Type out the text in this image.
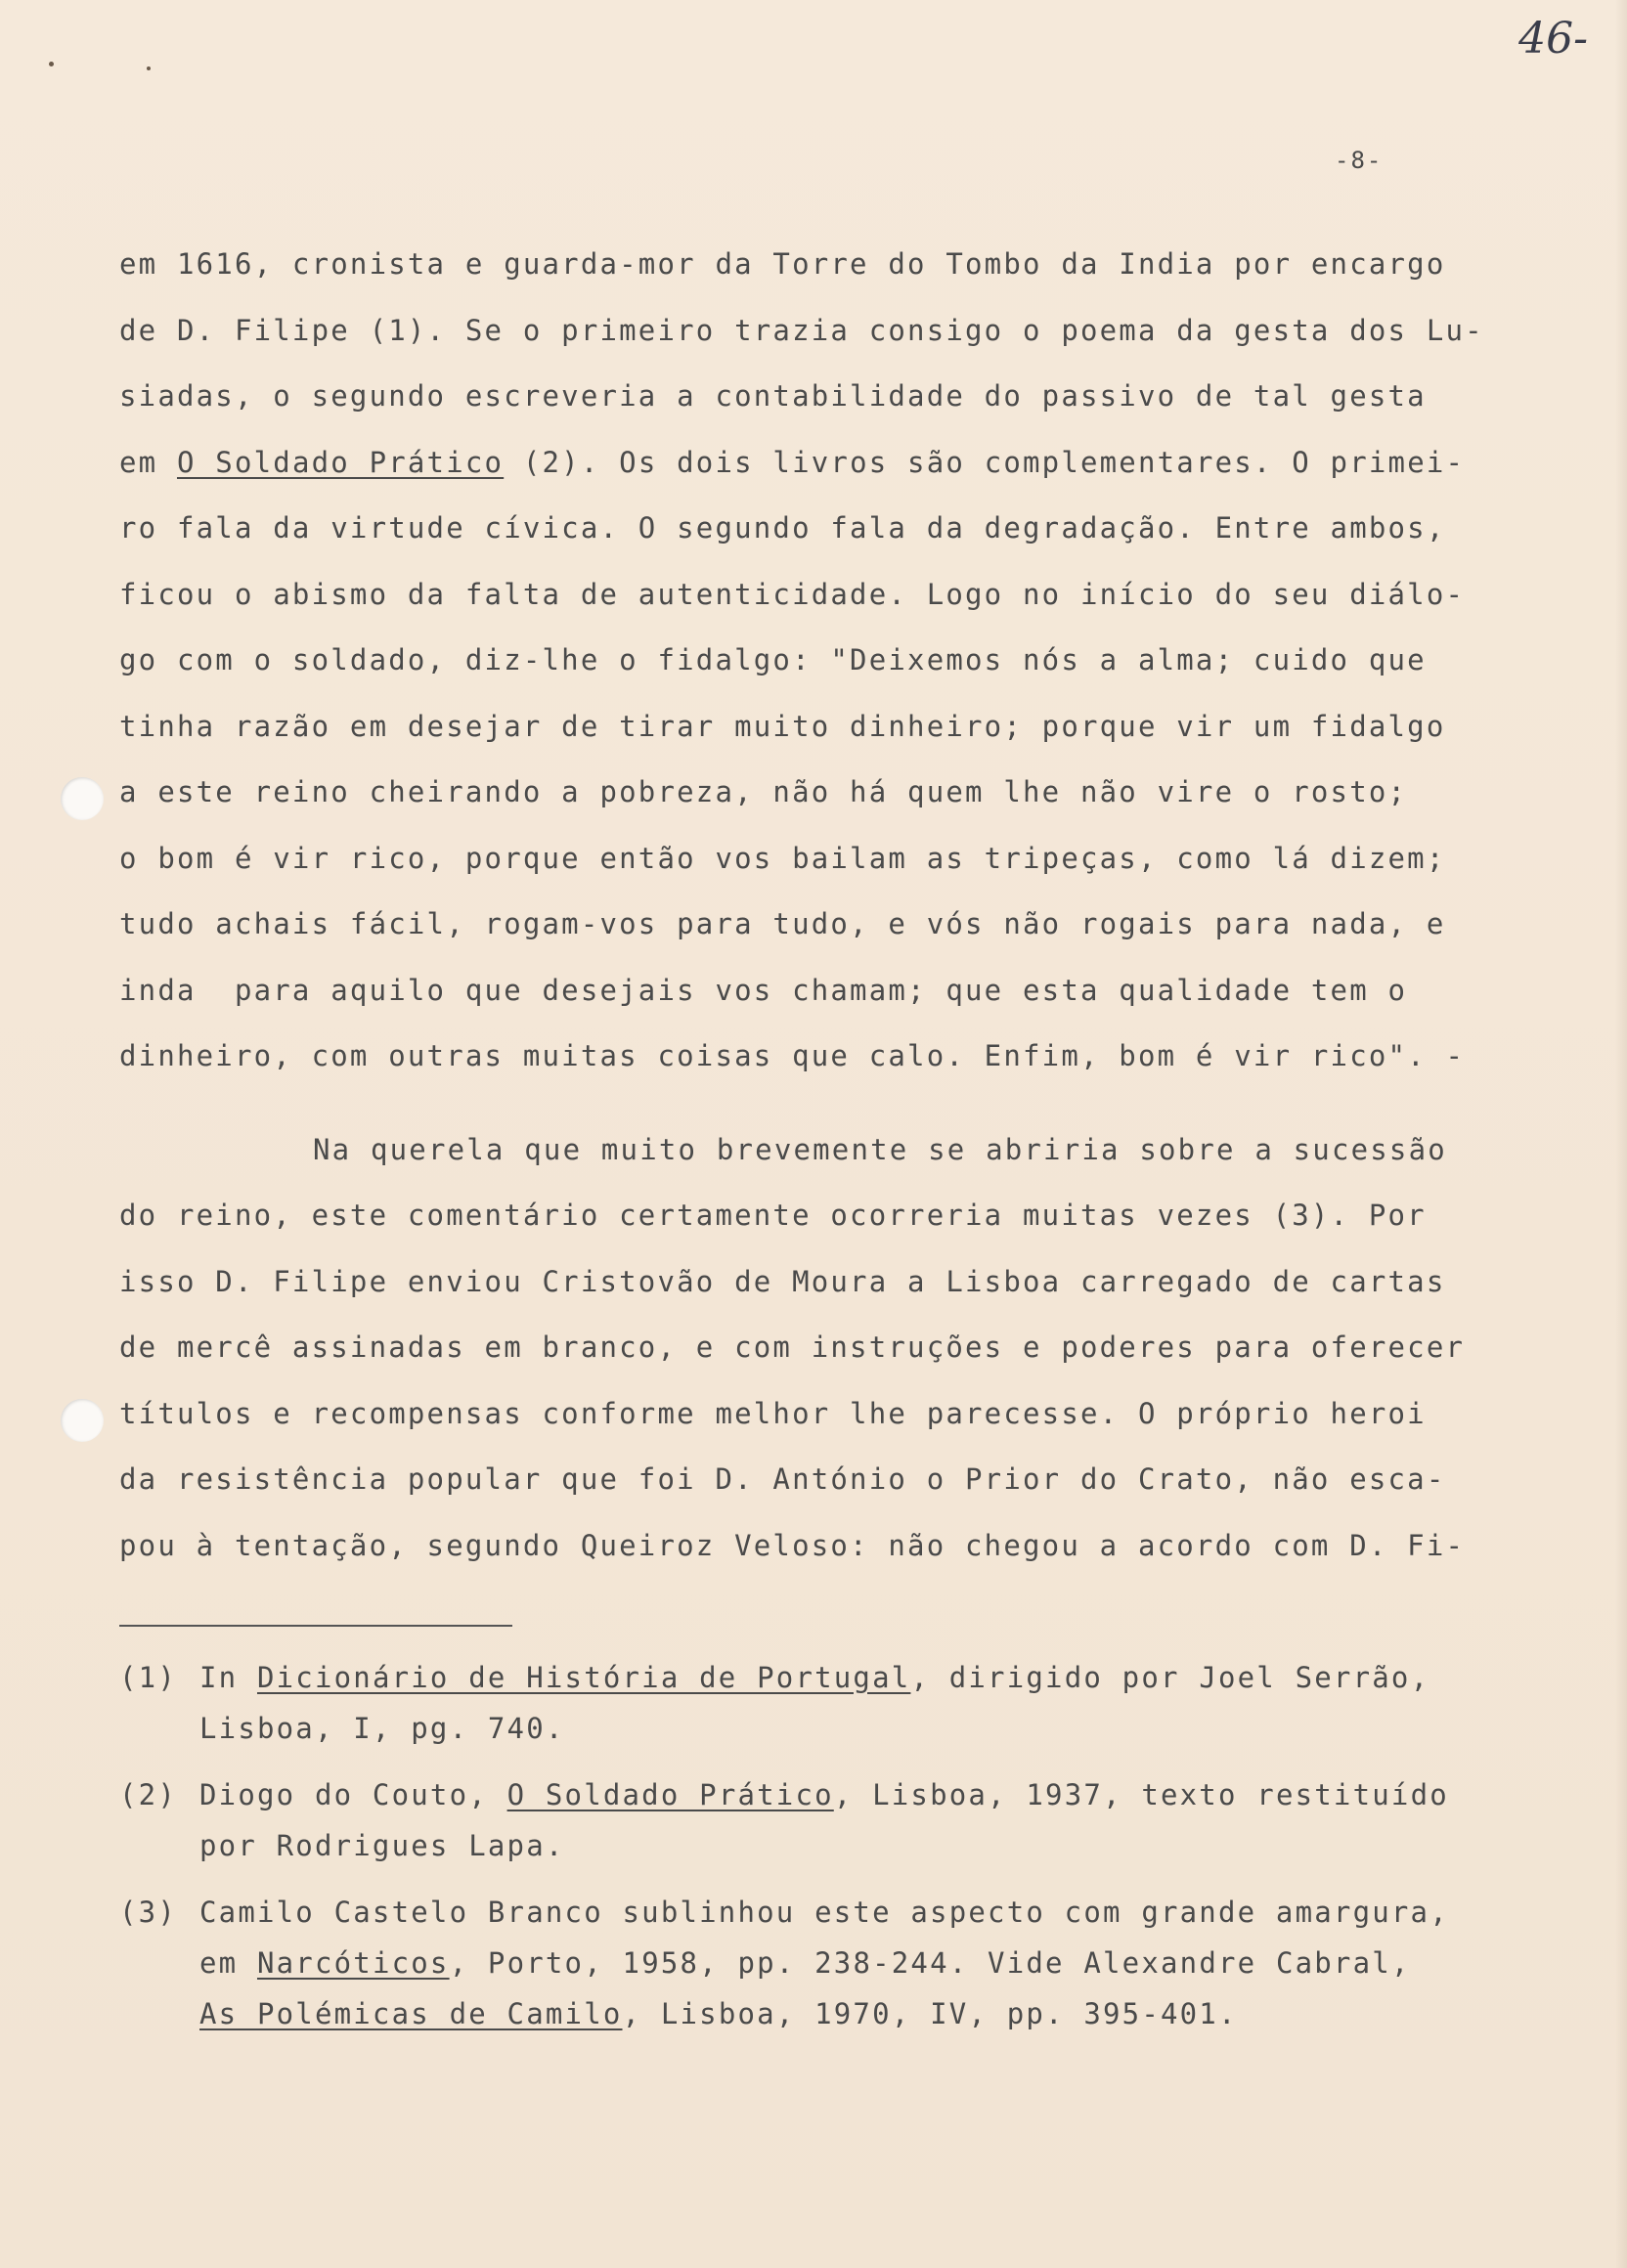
46-
-8-
em 1616, cronista e guarda-mor da Torre do Tombo da India por encargo
de D. Filipe (1). Se o primeiro trazia consigo o poema da gesta dos Lu-
siadas, o segundo escreveria a contabilidade do passivo de tal gesta
em O Soldado Prático (2). Os dois livros são complementares. O primei-
ro fala da virtude cívica. O segundo fala da degradação. Entre ambos,
ficou o abismo da falta de autenticidade. Logo no início do seu diálo-
go com o soldado, diz-lhe o fidalgo: "Deixemos nós a alma; cuido que
tinha razão em desejar de tirar muito dinheiro; porque vir um fidalgo
a este reino cheirando a pobreza, não há quem lhe não vire o rosto;
o bom é vir rico, porque então vos bailam as tripeças, como lá dizem;
tudo achais fácil, rogam-vos para tudo, e vós não rogais para nada, e
inda  para aquilo que desejais vos chamam; que esta qualidade tem o
dinheiro, com outras muitas coisas que calo. Enfim, bom é vir rico". -
Na querela que muito brevemente se abriria sobre a sucessão
do reino, este comentário certamente ocorreria muitas vezes (3). Por
isso D. Filipe enviou Cristovão de Moura a Lisboa carregado de cartas
de mercê assinadas em branco, e com instruções e poderes para oferecer
títulos e recompensas conforme melhor lhe parecesse. O próprio heroi
da resistência popular que foi D. António o Prior do Crato, não esca-
pou à tentação, segundo Queiroz Veloso: não chegou a acordo com D. Fi-
(1) In Dicionário de História de Portugal, dirigido por Joel Serrão,
Lisboa, I, pg. 740.
(2) Diogo do Couto, O Soldado Prático, Lisboa, 1937, texto restituído
por Rodrigues Lapa.
(3) Camilo Castelo Branco sublinhou este aspecto com grande amargura,
em Narcóticos, Porto, 1958, pp. 238-244. Vide Alexandre Cabral,
As Polémicas de Camilo, Lisboa, 1970, IV, pp. 395-401.
